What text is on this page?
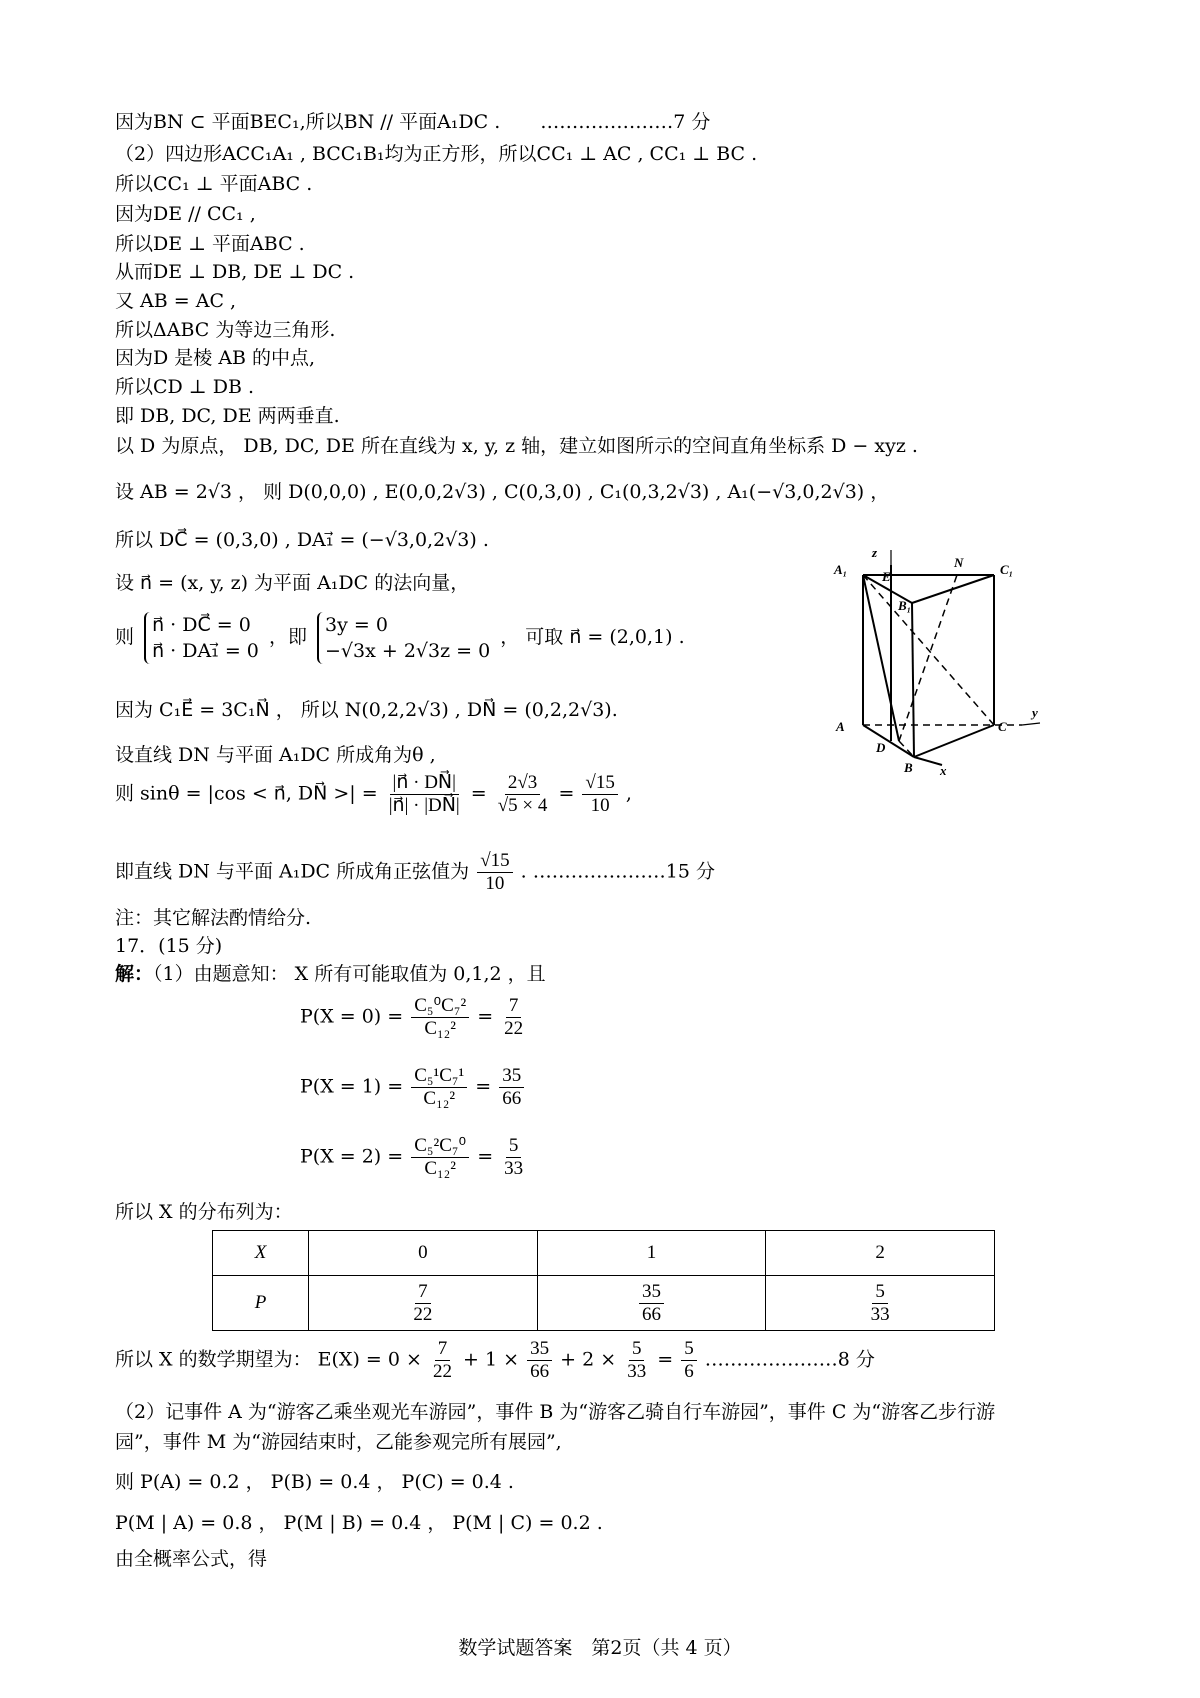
因为BN ⊂ 平面BEC₁,所以BN // 平面A₁DC . …………………7 分
（2）四边形ACC₁A₁ , BCC₁B₁均为正方形，所以CC₁ ⊥ AC , CC₁ ⊥ BC .
所以CC₁ ⊥ 平面ABC .
因为DE // CC₁ ,
所以DE ⊥ 平面ABC .
从而DE ⊥ DB, DE ⊥ DC .
又 AB = AC ,
所以ΔABC 为等边三角形.
因为D 是棱 AB 的中点,
所以CD ⊥ DB .
即 DB, DC, DE 两两垂直.
以 D 为原点， DB, DC, DE 所在直线为 x, y, z 轴，建立如图所示的空间直角坐标系 D − xyz .
设 AB = 2√3 ， 则 D(0,0,0) , E(0,0,2√3) , C(0,3,0) , C₁(0,3,2√3) , A₁(−√3,0,2√3) ，
所以 DC⃗ = (0,3,0) , DA₁⃗ = (−√3,0,2√3) .
设 n⃗ = (x, y, z) 为平面 A₁DC 的法向量，
则
n⃗ · DC⃗ = 0
n⃗ · DA₁⃗ = 0
，即
3y = 0
−√3x + 2√3z = 0
， 可取 n⃗ = (2,0,1) .
因为 C₁E⃗ = 3C₁N⃗ ， 所以 N(0,2,2√3) , DN⃗ = (0,2,2√3).
设直线 DN 与平面 A₁DC 所成角为θ ,
则 sinθ = |cos < n⃗, DN⃗ >| = $\frac{|n⃗ \cdot DN⃗|}{|n⃗| \cdot |DN⃗|} = \frac{2√3}{√5 \times 4} = \frac{√15}{10}$ ,
即直线 DN 与平面 A₁DC 所成角正弦值为 $\frac{√15}{10}$ . …………………15 分
注：其它解法酌情给分.
17．(15 分)
解：（1）由题意知： X 所有可能取值为 0,1,2 ，且
$P(X = 0) = \frac{\text{C₅⁰C₇²}}{\text{C₁₂²}} = \frac{7}{22}$
$P(X = 1) = \frac{\text{C₅¹C₇¹}}{\text{C₁₂²}} = \frac{35}{66}$
$P(X = 2) = \frac{\text{C₅²C₇⁰}}{\text{C₁₂²}} = \frac{5}{33}$
所以 X 的分布列为：
X	0	1	2
P	$\frac{7}{22}$	$\frac{35}{66}$	$\frac{5}{33}$
所以 X 的数学期望为： $E(X) = 0 \times \frac{7}{22} + 1 \times \frac{35}{66} + 2 \times \frac{5}{33} = \frac{5}{6}$ …………………8 分
（2）记事件 A 为“游客乙乘坐观光车游园”，事件 B 为“游客乙骑自行车游园”，事件 C 为“游客乙步行游
园”，事件 M 为“游园结束时，乙能参观完所有展园”,
则 P(A) = 0.2 ， P(B) = 0.4 ， P(C) = 0.4 .
P(M | A) = 0.8 ， P(M | B) = 0.4 ， P(M | C) = 0.2 .
由全概率公式，得
A₁	E
N	C₁
B₁
A
D
C
B x
y
z
数学试题答案　第2页（共 4 页）
